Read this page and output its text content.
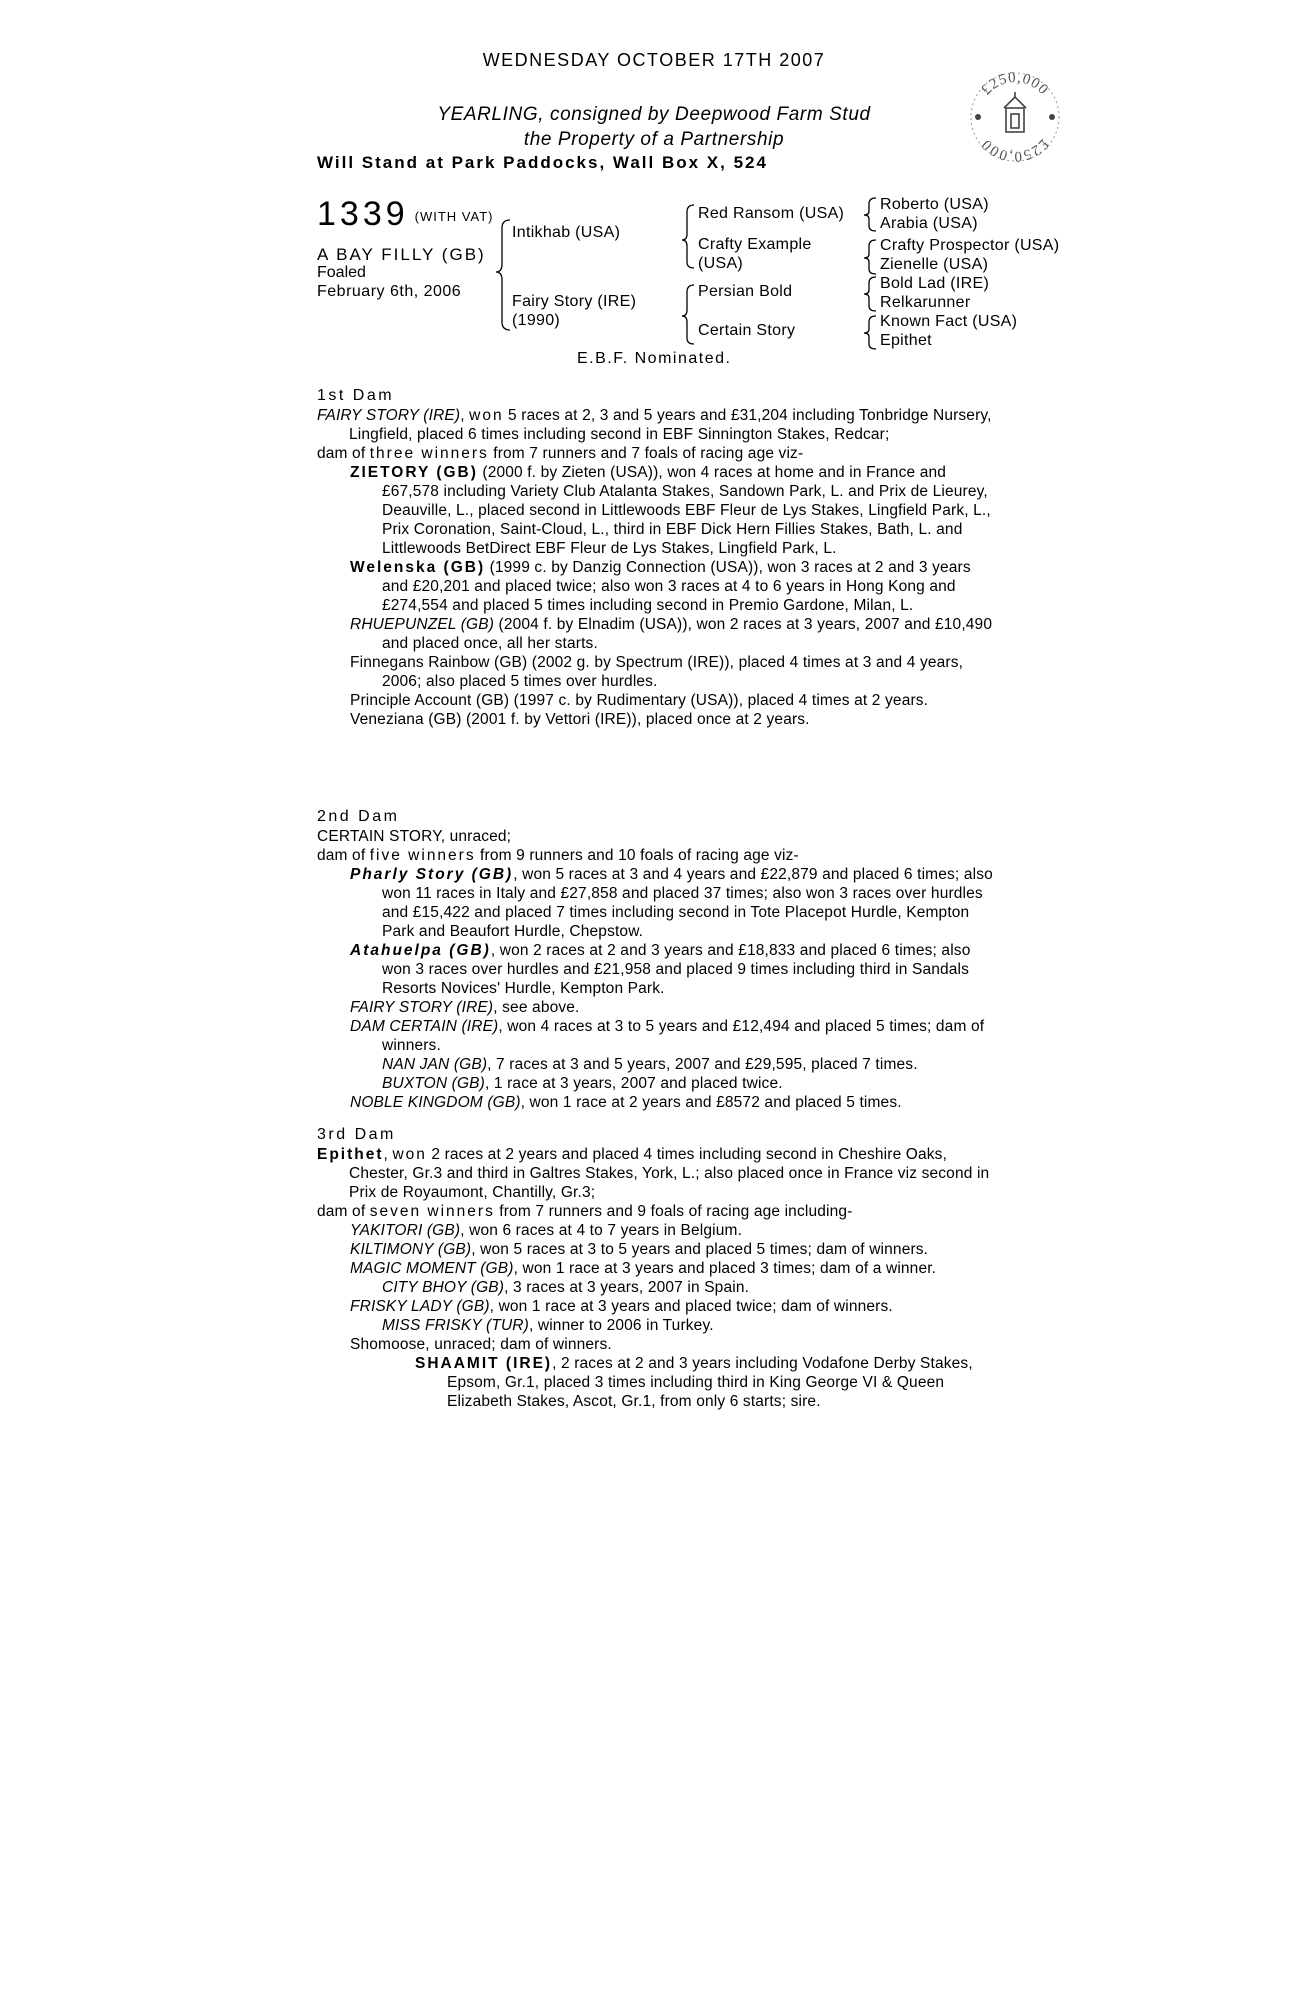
WEDNESDAY OCTOBER 17TH 2007
YEARLING, consigned by Deepwood Farm Stud
the Property of a Partnership
Will Stand at Park Paddocks, Wall Box X, 524
£250,000
£250,000
1339 (WITH VAT)
A BAY FILLY (GB)
Foaled
February 6th, 2006
Intikhab (USA)
Fairy Story (IRE)
(1990)
Red Ransom (USA)
Crafty Example
(USA)
Persian Bold
Certain Story
Roberto (USA)
Arabia (USA)
Crafty Prospector (USA)
Zienelle (USA)
Bold Lad (IRE)
Relkarunner
Known Fact (USA)
Epithet
E.B.F. Nominated.
1st Dam

FAIRY STORY (IRE), won 5 races at 2, 3 and 5 years and £31,204 including Tonbridge Nursery, Lingfield, placed 6 times including second in EBF Sinnington Stakes, Redcar;

dam of three winners from 7 runners and 7 foals of racing age viz-

ZIETORY (GB) (2000 f. by Zieten (USA)), won 4 races at home and in France and £67,578 including Variety Club Atalanta Stakes, Sandown Park, L. and Prix de Lieurey, Deauville, L., placed second in Littlewoods EBF Fleur de Lys Stakes, Lingfield Park, L., Prix Coronation, Saint-Cloud, L., third in EBF Dick Hern Fillies Stakes, Bath, L. and Littlewoods BetDirect EBF Fleur de Lys Stakes, Lingfield Park, L.

Welenska (GB) (1999 c. by Danzig Connection (USA)), won 3 races at 2 and 3 years and £20,201 and placed twice; also won 3 races at 4 to 6 years in Hong Kong and £274,554 and placed 5 times including second in Premio Gardone, Milan, L.

RHUEPUNZEL (GB) (2004 f. by Elnadim (USA)), won 2 races at 3 years, 2007 and £10,490 and placed once, all her starts.

Finnegans Rainbow (GB) (2002 g. by Spectrum (IRE)), placed 4 times at 3 and 4 years, 2006; also placed 5 times over hurdles.

Principle Account (GB) (1997 c. by Rudimentary (USA)), placed 4 times at 2 years.

Veneziana (GB) (2001 f. by Vettori (IRE)), placed once at 2 years.

2nd Dam

CERTAIN STORY, unraced;

dam of five winners from 9 runners and 10 foals of racing age viz-

Pharly Story (GB), won 5 races at 3 and 4 years and £22,879 and placed 6 times; also won 11 races in Italy and £27,858 and placed 37 times; also won 3 races over hurdles and £15,422 and placed 7 times including second in Tote Placepot Hurdle, Kempton Park and Beaufort Hurdle, Chepstow.

Atahuelpa (GB), won 2 races at 2 and 3 years and £18,833 and placed 6 times; also won 3 races over hurdles and £21,958 and placed 9 times including third in Sandals Resorts Novices' Hurdle, Kempton Park.

FAIRY STORY (IRE), see above.

DAM CERTAIN (IRE), won 4 races at 3 to 5 years and £12,494 and placed 5 times; dam of winners.

NAN JAN (GB), 7 races at 3 and 5 years, 2007 and £29,595, placed 7 times.

BUXTON (GB), 1 race at 3 years, 2007 and placed twice.

NOBLE KINGDOM (GB), won 1 race at 2 years and £8572 and placed 5 times.

3rd Dam

Epithet, won 2 races at 2 years and placed 4 times including second in Cheshire Oaks, Chester, Gr.3 and third in Galtres Stakes, York, L.; also placed once in France viz second in Prix de Royaumont, Chantilly, Gr.3;

dam of seven winners from 7 runners and 9 foals of racing age including-

YAKITORI (GB), won 6 races at 4 to 7 years in Belgium.

KILTIMONY (GB), won 5 races at 3 to 5 years and placed 5 times; dam of winners.

MAGIC MOMENT (GB), won 1 race at 3 years and placed 3 times; dam of a winner.

CITY BHOY (GB), 3 races at 3 years, 2007 in Spain.

FRISKY LADY (GB), won 1 race at 3 years and placed twice; dam of winners.

MISS FRISKY (TUR), winner to 2006 in Turkey.

Shomoose, unraced; dam of winners.

SHAAMIT (IRE), 2 races at 2 and 3 years including Vodafone Derby Stakes, Epsom, Gr.1, placed 3 times including third in King George VI & Queen Elizabeth Stakes, Ascot, Gr.1, from only 6 starts; sire.
